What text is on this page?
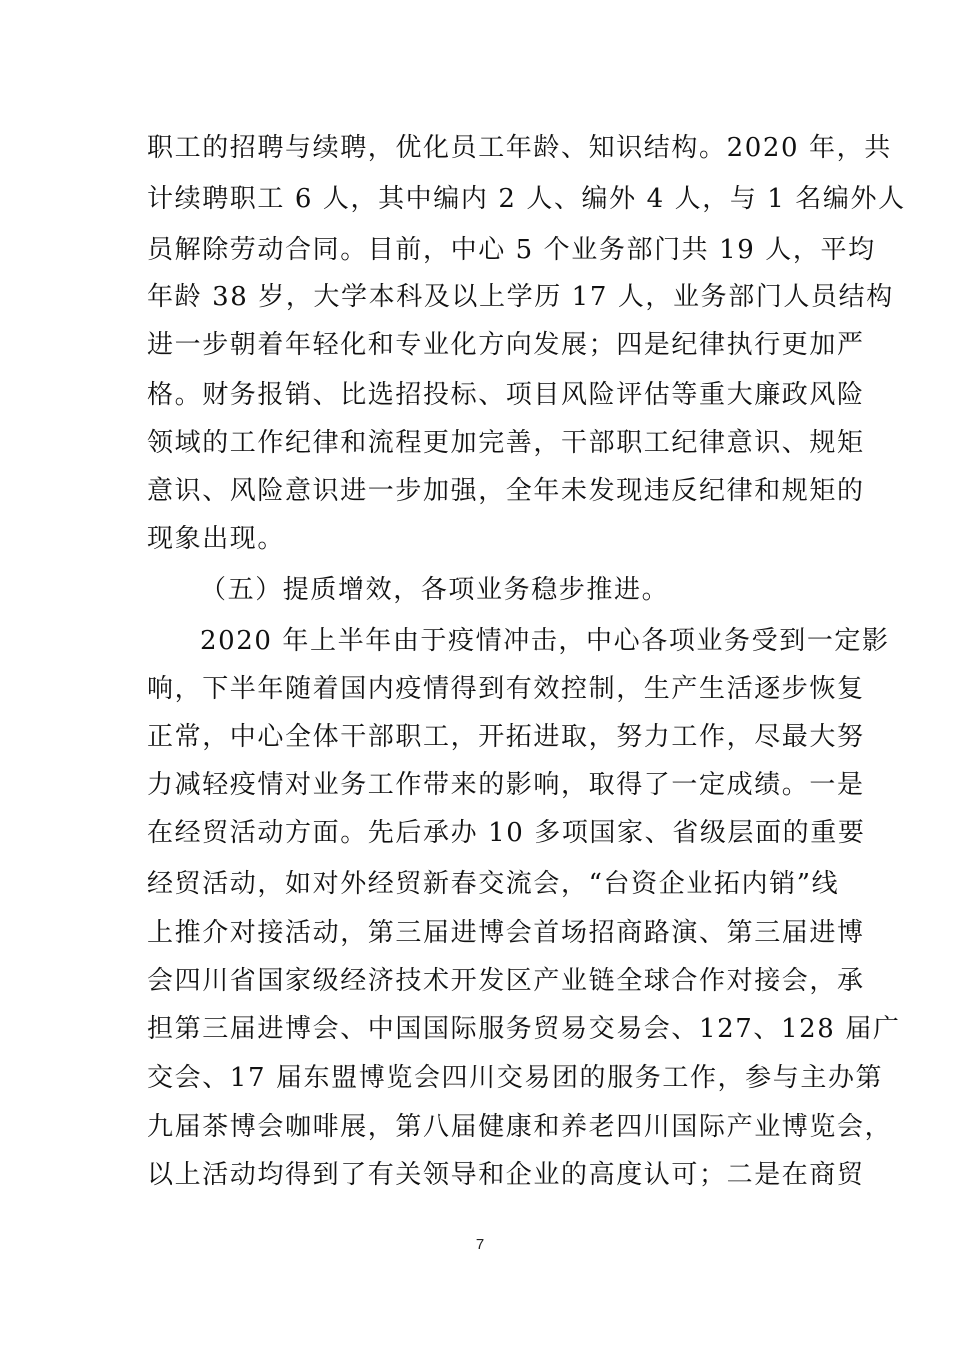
职工的招聘与续聘，优化员工年龄、知识结构。2020 年，共
计续聘职工 6 人，其中编内 2 人、编外 4 人，与 1 名编外人
员解除劳动合同。目前，中心 5 个业务部门共 19 人，平均
年龄 38 岁，大学本科及以上学历 17 人，业务部门人员结构
进一步朝着年轻化和专业化方向发展；四是纪律执行更加严
格。财务报销、比选招投标、项目风险评估等重大廉政风险
领域的工作纪律和流程更加完善，干部职工纪律意识、规矩
意识、风险意识进一步加强，全年未发现违反纪律和规矩的
现象出现。
（五）提质增效，各项业务稳步推进。
2020 年上半年由于疫情冲击，中心各项业务受到一定影
响，下半年随着国内疫情得到有效控制，生产生活逐步恢复
正常，中心全体干部职工，开拓进取，努力工作，尽最大努
力减轻疫情对业务工作带来的影响，取得了一定成绩。一是
在经贸活动方面。先后承办 10 多项国家、省级层面的重要
经贸活动，如对外经贸新春交流会，“台资企业拓内销”线
上推介对接活动，第三届进博会首场招商路演、第三届进博
会四川省国家级经济技术开发区产业链全球合作对接会，承
担第三届进博会、中国国际服务贸易交易会、127、128 届广
交会、17 届东盟博览会四川交易团的服务工作，参与主办第
九届茶博会咖啡展，第八届健康和养老四川国际产业博览会，
以上活动均得到了有关领导和企业的高度认可；二是在商贸
7
